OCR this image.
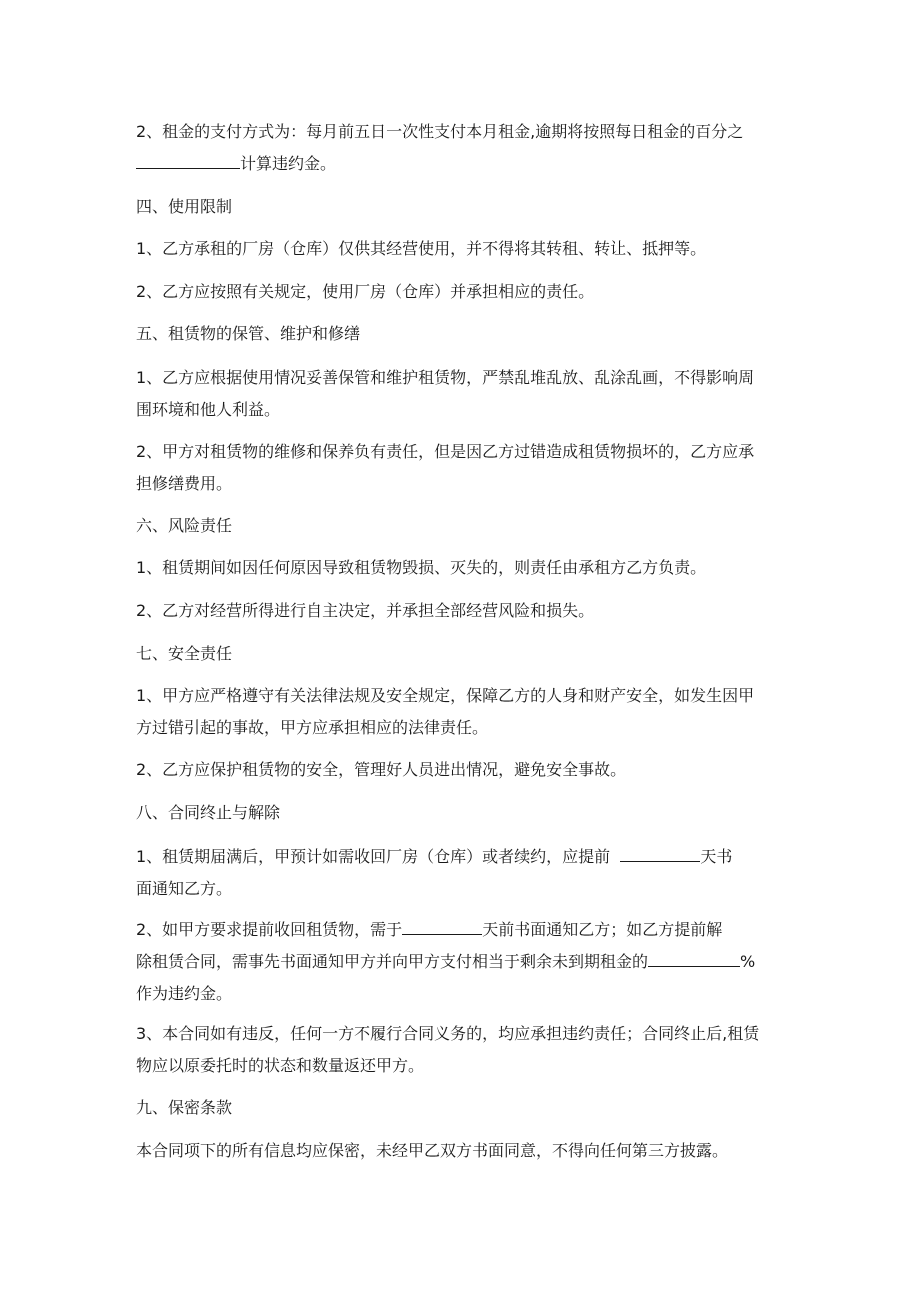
2、租金的支付方式为：每月前五日一次性支付本月租金,逾期将按照每日租金的百分之
计算违约金。
四、使用限制
1、乙方承租的厂房（仓库）仅供其经营使用，并不得将其转租、转让、抵押等。
2、乙方应按照有关规定，使用厂房（仓库）并承担相应的责任。
五、租赁物的保管、维护和修缮
1、乙方应根据使用情况妥善保管和维护租赁物，严禁乱堆乱放、乱涂乱画，不得影响周
围环境和他人利益。
2、甲方对租赁物的维修和保养负有责任，但是因乙方过错造成租赁物损坏的，乙方应承
担修缮费用。
六、风险责任
1、租赁期间如因任何原因导致租赁物毁损、灭失的，则责任由承租方乙方负责。
2、乙方对经营所得进行自主决定，并承担全部经营风险和损失。
七、安全责任
1、甲方应严格遵守有关法律法规及安全规定，保障乙方的人身和财产安全，如发生因甲
方过错引起的事故，甲方应承担相应的法律责任。
2、乙方应保护租赁物的安全，管理好人员进出情况，避免安全事故。
八、合同终止与解除
1、租赁期届满后，甲预计如需收回厂房（仓库）或者续约，应提前	天书
面通知乙方。
2、如甲方要求提前收回租赁物，需于	天前书面通知乙方；如乙方提前解
除租赁合同，需事先书面通知甲方并向甲方支付相当于剩余未到期租金的	%
作为违约金。
3、本合同如有违反，任何一方不履行合同义务的，均应承担违约责任；合同终止后,租赁
物应以原委托时的状态和数量返还甲方。
九、保密条款
本合同项下的所有信息均应保密，未经甲乙双方书面同意，不得向任何第三方披露。
